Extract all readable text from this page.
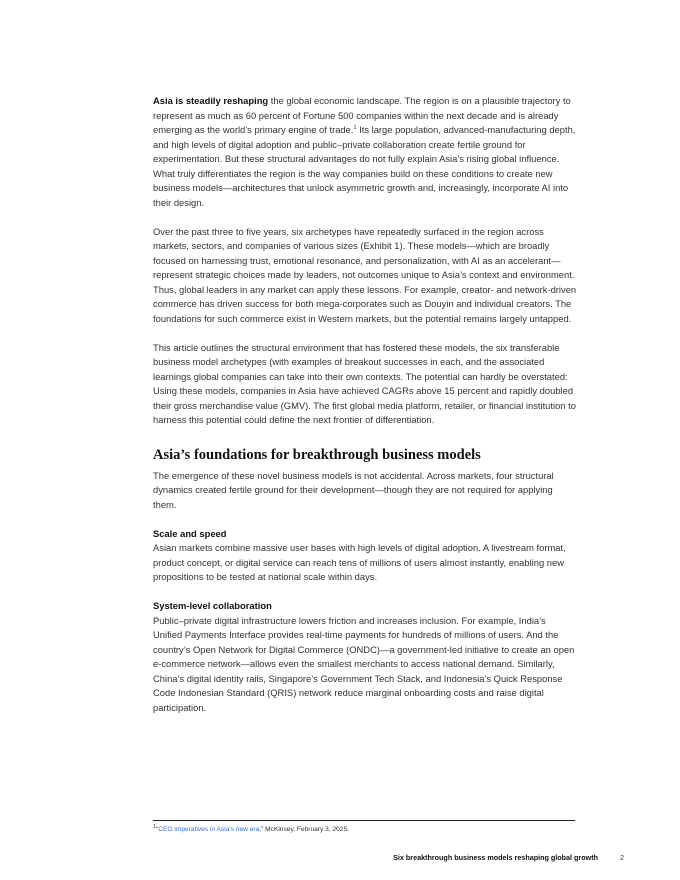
Asia is steadily reshaping the global economic landscape. The region is on a plausible trajectory to represent as much as 60 percent of Fortune 500 companies within the next decade and is already emerging as the world’s primary engine of trade.$^1$ Its large population, advanced-manufacturing depth, and high levels of digital adoption and public–private collaboration create fertile ground for experimentation. But these structural advantages do not fully explain Asia’s rising global influence. What truly differentiates the region is the way companies build on these conditions to create new business models—architectures that unlock asymmetric growth and, increasingly, incorporate AI into their design.

Over the past three to five years, six archetypes have repeatedly surfaced in the region across markets, sectors, and companies of various sizes (Exhibit 1). These models—which are broadly focused on harnessing trust, emotional resonance, and personalization, with AI as an accelerant—represent strategic choices made by leaders, not outcomes unique to Asia’s context and environment. Thus, global leaders in any market can apply these lessons. For example, creator- and network-driven commerce has driven success for both mega-corporates such as Douyin and individual creators. The foundations for such commerce exist in Western markets, but the potential remains largely untapped.

This article outlines the structural environment that has fostered these models, the six transferable business model archetypes (with examples of breakout successes in each, and the associated learnings global companies can take into their own contexts. The potential can hardly be overstated: Using these models, companies in Asia have achieved CAGRs above 15 percent and rapidly doubled their gross merchandise value (GMV). The first global media platform, retailer, or financial institution to harness this potential could define the next frontier of differentiation.

Asia’s foundations for breakthrough business models

The emergence of these novel business models is not accidental. Across markets, four structural dynamics created fertile ground for their development—though they are not required for applying them.

Scale and speed

Asian markets combine massive user bases with high levels of digital adoption. A livestream format, product concept, or digital service can reach tens of millions of users almost instantly, enabling new propositions to be tested at national scale within days.

System-level collaboration

Public–private digital infrastructure lowers friction and increases inclusion. For example, India’s Unified Payments Interface provides real-time payments for hundreds of millions of users. And the country’s Open Network for Digital Commerce (ONDC)—a government-led initiative to create an open e-commerce network—allows even the smallest merchants to access national demand. Similarly, China’s digital identity rails, Singapore’s Government Tech Stack, and Indonesia’s Quick Response Code Indonesian Standard (QRIS) network reduce marginal onboarding costs and raise digital participation.

$^1$“CEO imperatives in Asia’s new era,” McKinsey, February 3, 2025.
Six breakthrough business models reshaping global growth	2
